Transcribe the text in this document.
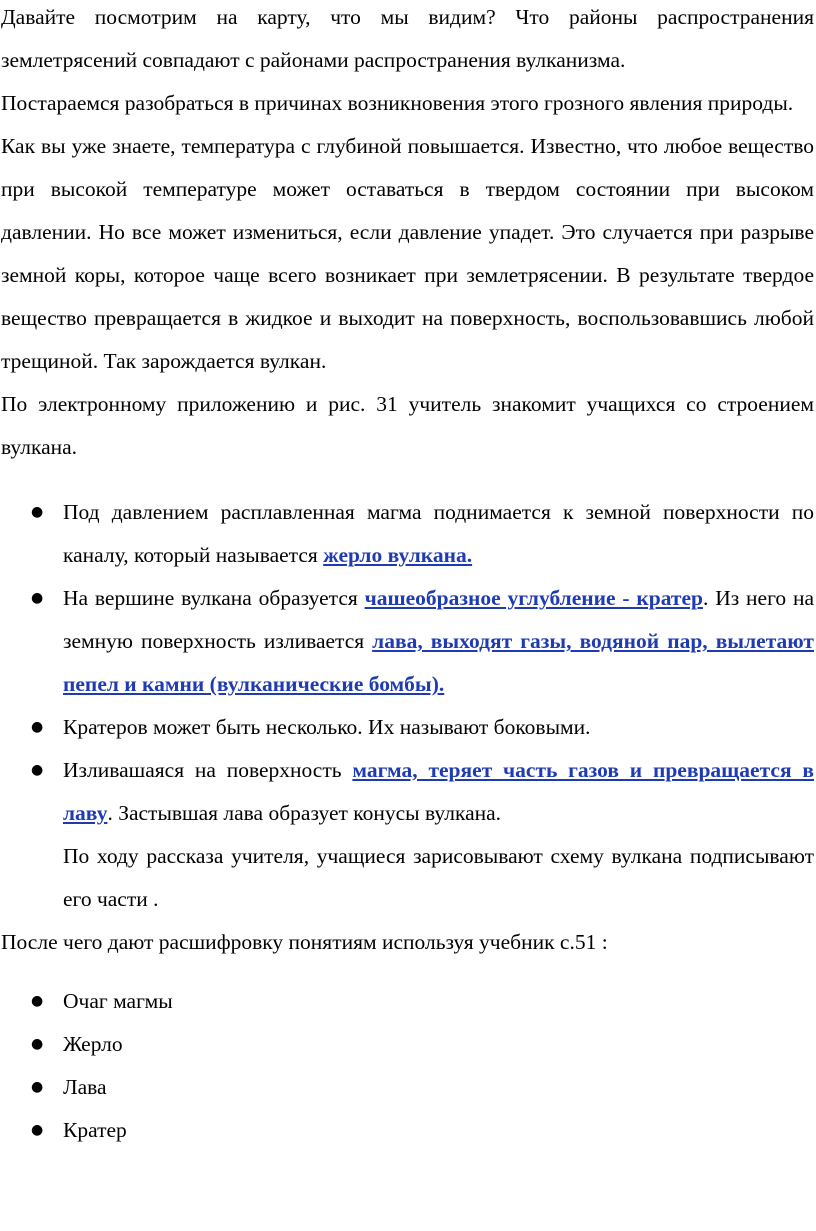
Давайте посмотрим на карту, что мы видим? Что районы распространения землетрясений совпадают с районами распространения вулканизма.

Постараемся разобраться в причинах возникновения этого грозного явления природы.

Как вы уже знаете, температура с глубиной повышается. Известно, что любое вещество при высокой температуре может оставаться в твердом состоянии при высоком давлении. Но все может измениться, если давление упадет. Это случается при разрыве земной коры, которое чаще всего возникает при землетрясении. В результате твердое вещество превращается в жидкое и выходит на поверхность, воспользовавшись любой трещиной. Так зарождается вулкан.

По электронному приложению и рис. 31 учитель знакомит учащихся со строением вулкана.

● Под давлением расплавленная магма поднимается к земной поверхности по каналу, который называется жерло вулкана.
● На вершине вулкана образуется чашеобразное углубление - кратер. Из него на земную поверхность изливается лава, выходят газы, водяной пар, вылетают пепел и камни (вулканические бомбы).
● Кратеров может быть несколько. Их называют боковыми.
● Изливашаяся на поверхность магма, теряет часть газов и превращается в лаву. Застывшая лава образует конусы вулкана.

По ходу рассказа учителя, учащиеся зарисовывают схему вулкана подписывают его части .

После чего дают расшифровку понятиям используя учебник с.51 :

● Очаг магмы
● Жерло
● Лава
● Кратер
